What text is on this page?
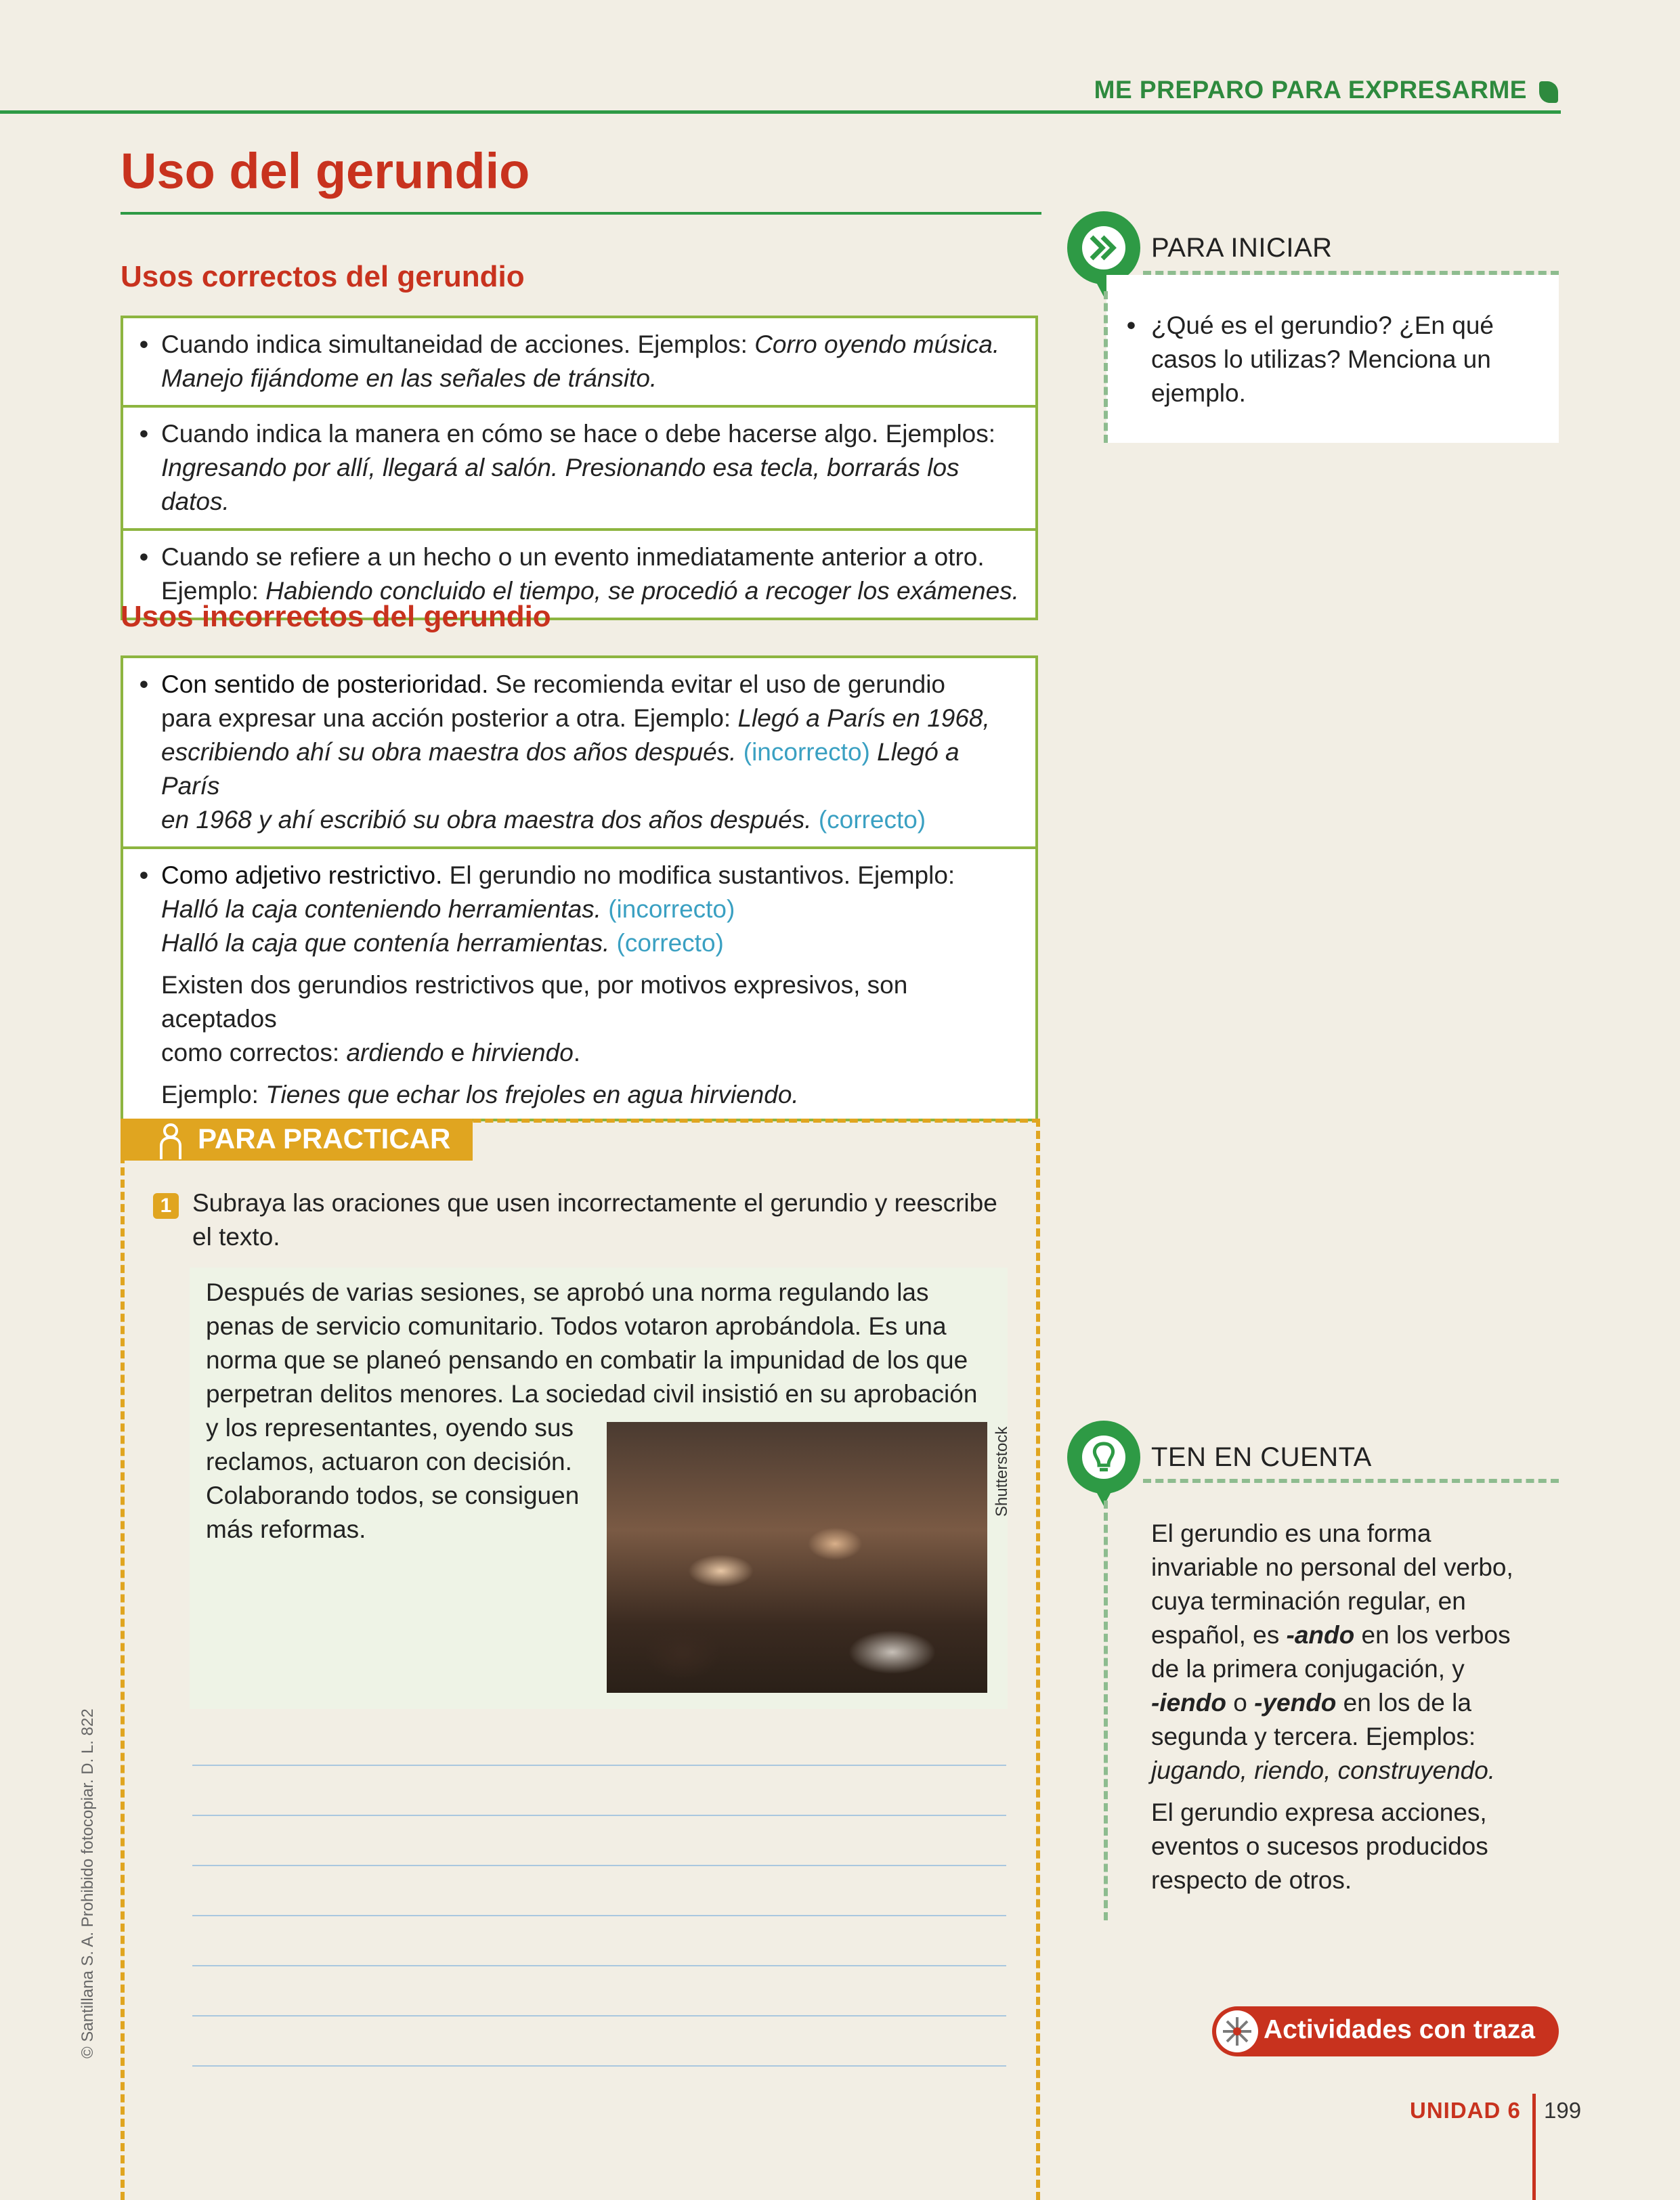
ME PREPARO PARA EXPRESARME
Uso del gerundio
Usos correctos del gerundio
• Cuando indica simultaneidad de acciones. Ejemplos: Corro oyendo música.
Manejo fijándome en las señales de tránsito.
• Cuando indica la manera en cómo se hace o debe hacerse algo. Ejemplos:
Ingresando por allí, llegará al salón. Presionando esa tecla, borrarás los datos.
• Cuando se refiere a un hecho o un evento inmediatamente anterior a otro.
Ejemplo: Habiendo concluido el tiempo, se procedió a recoger los exámenes.
Usos incorrectos del gerundio
• Con sentido de posterioridad. Se recomienda evitar el uso de gerundio
para expresar una acción posterior a otra. Ejemplo: Llegó a París en 1968,
escribiendo ahí su obra maestra dos años después. (incorrecto) Llegó a París
en 1968 y ahí escribió su obra maestra dos años después. (correcto)
• Como adjetivo restrictivo. El gerundio no modifica sustantivos. Ejemplo:
Halló la caja conteniendo herramientas. (incorrecto)
Halló la caja que contenía herramientas. (correcto)
Existen dos gerundios restrictivos que, por motivos expresivos, son aceptados
como correctos: ardiendo e hirviendo.
Ejemplo: Tienes que echar los frejoles en agua hirviendo.
PARA INICIAR
• ¿Qué es el gerundio? ¿En qué
casos lo utilizas? Menciona un
ejemplo.
TEN EN CUENTA
El gerundio es una forma
invariable no personal del verbo,
cuya terminación regular, en
español, es -ando en los verbos
de la primera conjugación, y
-iendo o -yendo en los de la
segunda y tercera. Ejemplos:
jugando, riendo, construyendo.
El gerundio expresa acciones,
eventos o sucesos producidos
respecto de otros.
PARA PRACTICAR
1 Subraya las oraciones que usen incorrectamente el gerundio y reescribe el texto.
Después de varias sesiones, se aprobó una norma regulando las
penas de servicio comunitario. Todos votaron aprobándola. Es una
norma que se planeó pensando en combatir la impunidad de los que
perpetran delitos menores. La sociedad civil insistió en su aprobación
y los representantes, oyendo sus
reclamos, actuaron con decisión.
Colaborando todos, se consiguen
más reformas.
Shutterstock
© Santillana S. A. Prohibido fotocopiar. D. L. 822	Actividades con traza
UNIDAD 6 199
